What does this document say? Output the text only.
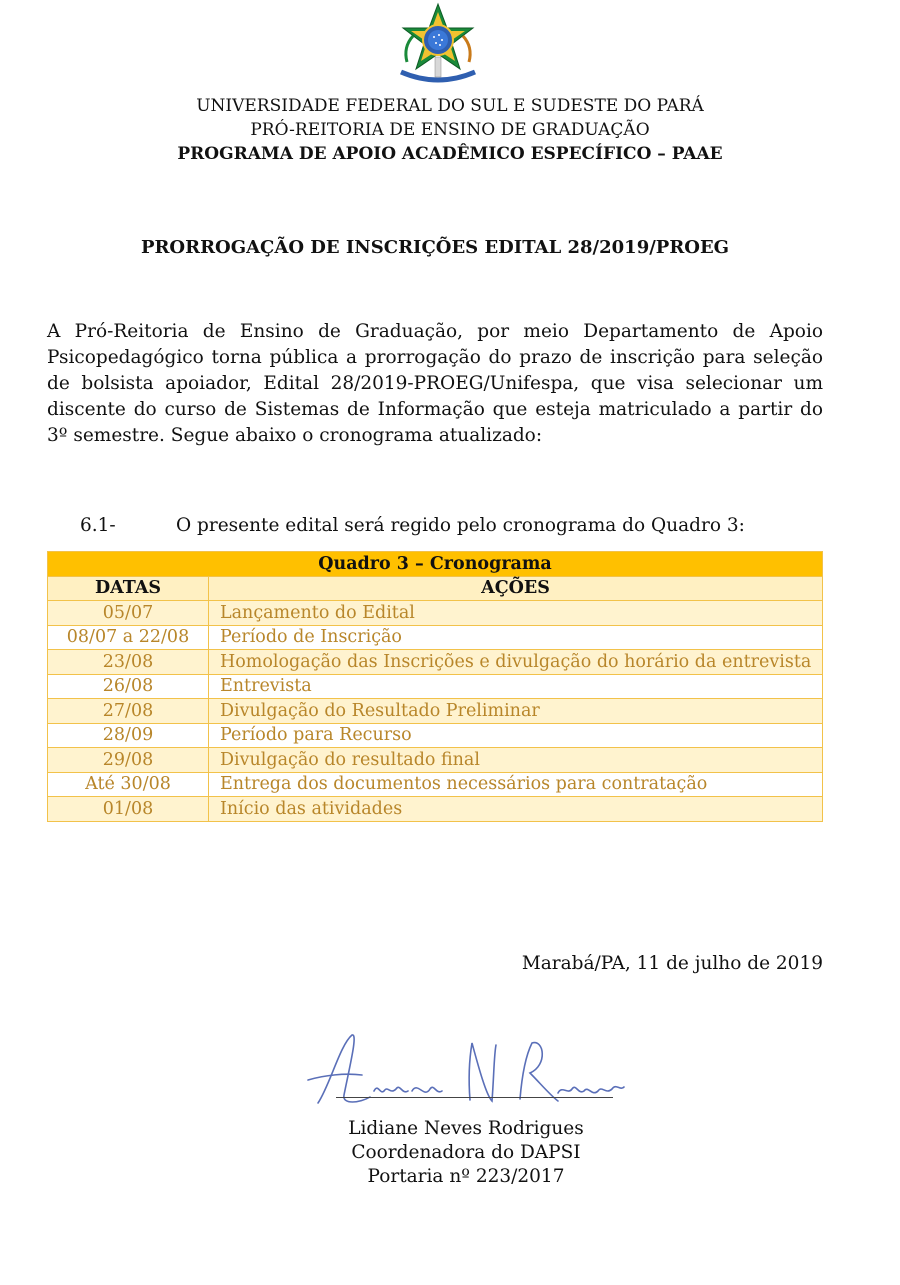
UNIVERSIDADE FEDERAL DO SUL E SUDESTE DO PARÁ
PRÓ-REITORIA DE ENSINO DE GRADUAÇÃO
PROGRAMA DE APOIO ACADÊMICO ESPECÍFICO – PAAE
PRORROGAÇÃO DE INSCRIÇÕES EDITAL 28/2019/PROEG
A Pró-Reitoria de Ensino de Graduação, por meio Departamento de Apoio Psicopedagógico torna pública a prorrogação do prazo de inscrição para seleção de bolsista apoiador, Edital 28/2019-PROEG/Unifespa, que visa selecionar um discente do curso de Sistemas de Informação que esteja matriculado a partir do 3º semestre. Segue abaixo o cronograma atualizado:
6.1-	O presente edital será regido pelo cronograma do Quadro 3:
Quadro 3 – Cronograma	
DATAS	AÇÕES
05/07	Lançamento do Edital
08/07 a 22/08	Período de Inscrição
23/08	Homologação das Inscrições e divulgação do horário da entrevista
26/08	Entrevista
27/08	Divulgação do Resultado Preliminar
28/09	Período para Recurso
29/08	Divulgação do resultado final
Até 30/08	Entrega dos documentos necessários para contratação
01/08	Início das atividades
Marabá/PA, 11 de julho de 2019
Lidiane Neves Rodrigues
Coordenadora do DAPSI
Portaria nº 223/2017
